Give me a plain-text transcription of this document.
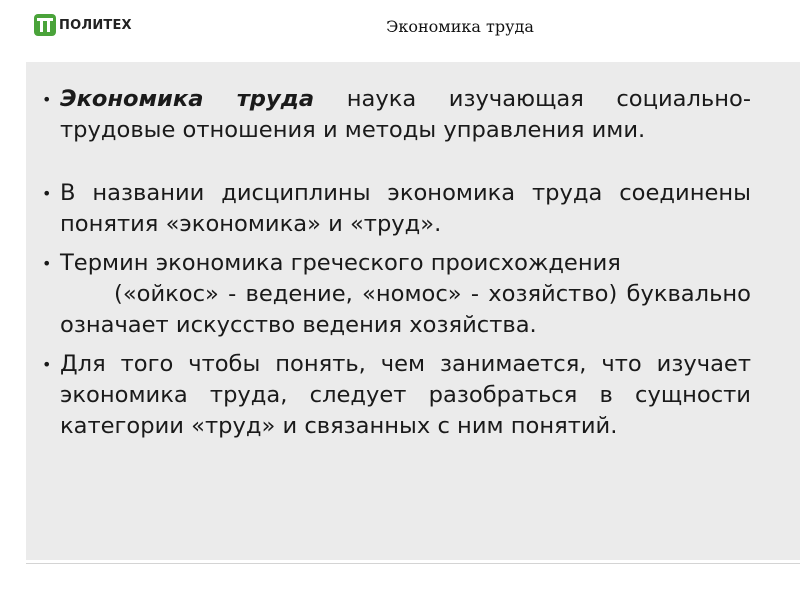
ПОЛИТЕХ	Экономика труда
• Экономика труда наука изучающая социально-трудовые отношения и методы управления ими.
• В названии дисциплины экономика труда соединены понятия «экономика» и «труд».
• Термин экономика греческого происхождения
(«ойкос» - ведение, «номос» - хозяйство) буквально означает искусство ведения хозяйства.
• Для того чтобы понять, чем занимается, что изучает экономика труда, следует разобраться в сущности категории «труд» и связанных с ним понятий.
